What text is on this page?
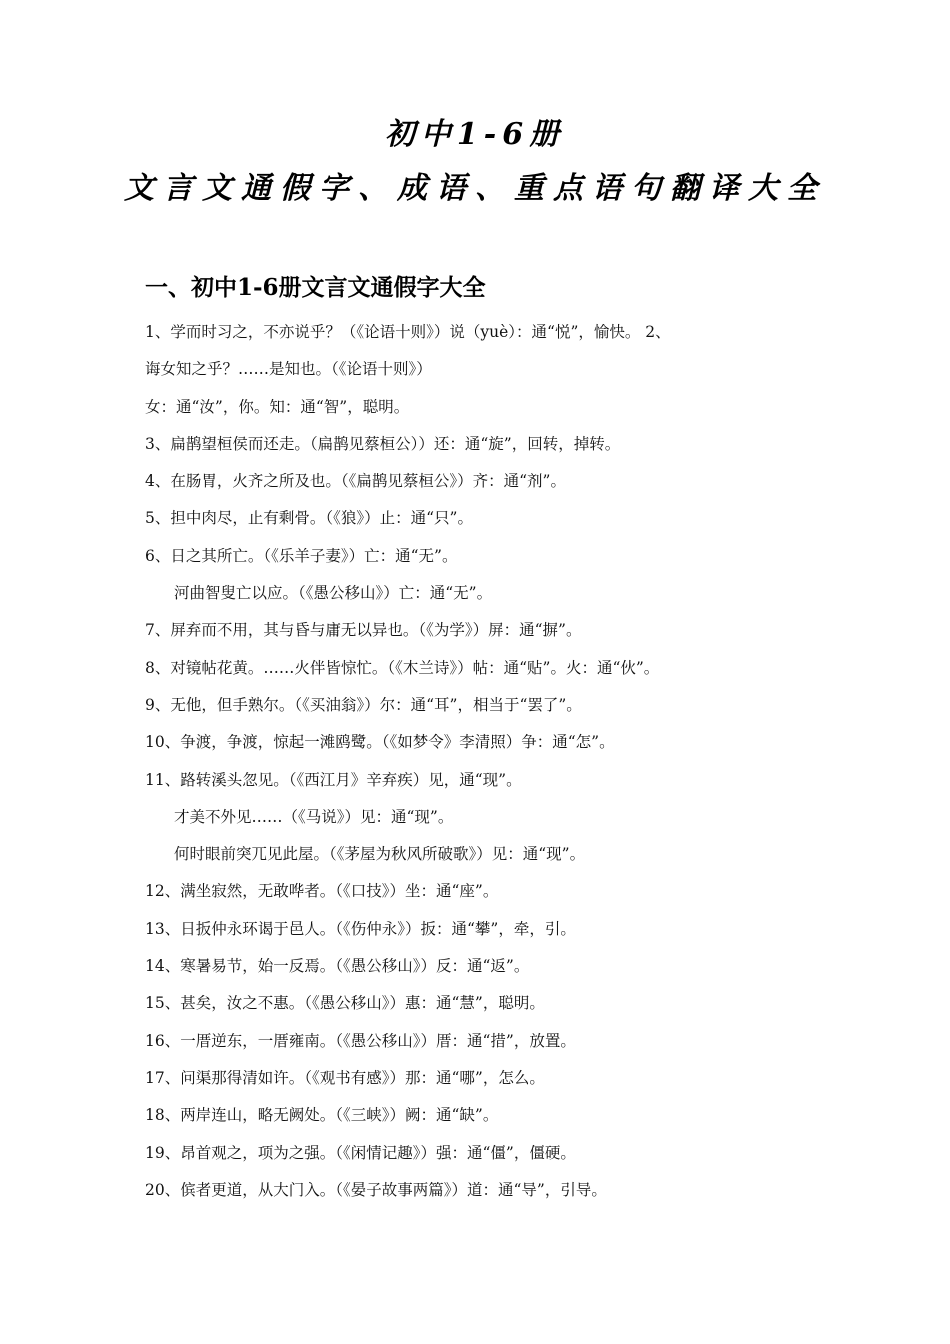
初中1-6册
文言文通假字、成语、重点语句翻译大全
一、初中1-6册文言文通假字大全
1、学而时习之，不亦说乎？（《论语十则》）说（yuè）：通“悦”，愉快。 2、
诲女知之乎？……是知也。（《论语十则》）
女：通“汝”，你。知：通“智”，聪明。
3、扁鹊望桓侯而还走。（扁鹊见蔡桓公））还：通“旋”，回转，掉转。
4、在肠胃，火齐之所及也。（《扁鹊见蔡桓公》）齐：通“剂”。
5、担中肉尽，止有剩骨。（《狼》）止：通“只”。
6、日之其所亡。（《乐羊子妻》）亡：通“无”。
河曲智叟亡以应。（《愚公移山》）亡：通“无”。
7、屏弃而不用，其与昏与庸无以异也。（《为学》）屏：通“摒”。
8、对镜帖花黄。……火伴皆惊忙。（《木兰诗》）帖：通“贴”。火：通“伙”。
9、无他，但手熟尔。（《买油翁》）尔：通“耳”，相当于“罢了”。
10、争渡，争渡，惊起一滩鸥鹭。（《如梦令》李清照）争：通“怎”。
11、路转溪头忽见。（《西江月》辛弃疾）见，通“现”。
才美不外见……（《马说》）见：通“现”。
何时眼前突兀见此屋。（《茅屋为秋风所破歌》）见：通“现”。
12、满坐寂然，无敢哗者。（《口技》）坐：通“座”。
13、日扳仲永环谒于邑人。（《伤仲永》）扳：通“攀”，牵，引。
14、寒暑易节，始一反焉。（《愚公移山》）反：通“返”。
15、甚矣，汝之不惠。（《愚公移山》）惠：通“慧”，聪明。
16、一厝逆东，一厝雍南。（《愚公移山》）厝：通“措”，放置。
17、问渠那得清如许。（《观书有感》）那：通“哪”，怎么。
18、两岸连山，略无阙处。（《三峡》）阙：通“缺”。
19、昂首观之，项为之强。（《闲情记趣》）强：通“僵”，僵硬。
20、傧者更道，从大门入。（《晏子故事两篇》）道：通“导”，引导。
